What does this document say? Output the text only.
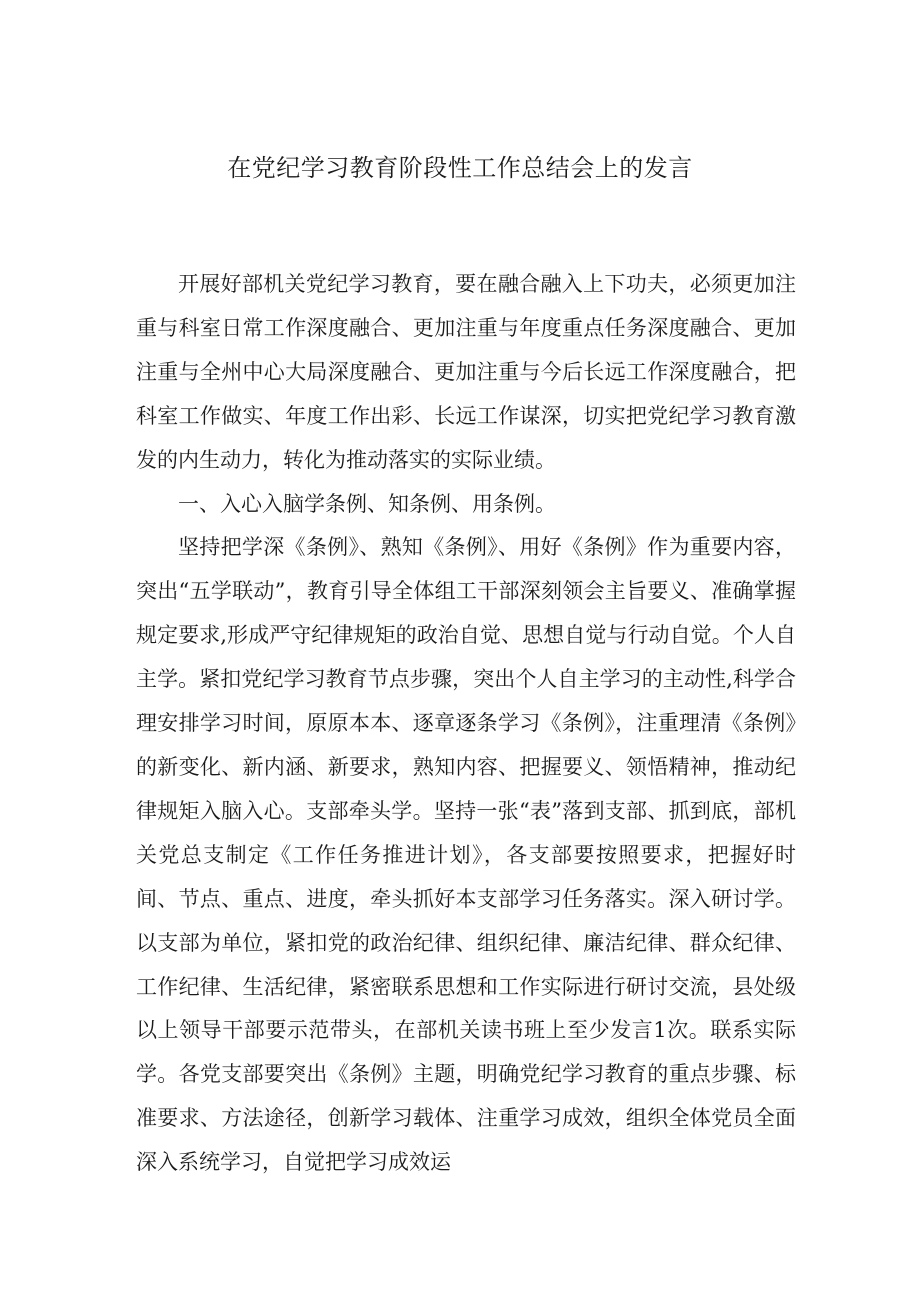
在党纪学习教育阶段性工作总结会上的发言

开展好部机关党纪学习教育，要在融合融入上下功夫，必须更加注重与科室日常工作深度融合、更加注重与年度重点任务深度融合、更加注重与全州中心大局深度融合、更加注重与今后长远工作深度融合，把科室工作做实、年度工作出彩、长远工作谋深，切实把党纪学习教育激发的内生动力，转化为推动落实的实际业绩。

一、入心入脑学条例、知条例、用条例。

坚持把学深《条例》、熟知《条例》、用好《条例》作为重要内容，突出“五学联动”，教育引导全体组工干部深刻领会主旨要义、准确掌握规定要求,形成严守纪律规矩的政治自觉、思想自觉与行动自觉。个人自主学。紧扣党纪学习教育节点步骤，突出个人自主学习的主动性,科学合理安排学习时间，原原本本、逐章逐条学习《条例》，注重理清《条例》的新变化、新内涵、新要求，熟知内容、把握要义、领悟精神，推动纪律规矩入脑入心。支部牵头学。坚持一张“表”落到支部、抓到底，部机关党总支制定《工作任务推进计划》，各支部要按照要求，把握好时间、节点、重点、进度，牵头抓好本支部学习任务落实。深入研讨学。以支部为单位，紧扣党的政治纪律、组织纪律、廉洁纪律、群众纪律、工作纪律、生活纪律，紧密联系思想和工作实际进行研讨交流，县处级以上领导干部要示范带头，在部机关读书班上至少发言1次。联系实际学。各党支部要突出《条例》主题，明确党纪学习教育的重点步骤、标准要求、方法途径，创新学习载体、注重学习成效，组织全体党员全面深入系统学习，自觉把学习成效运
